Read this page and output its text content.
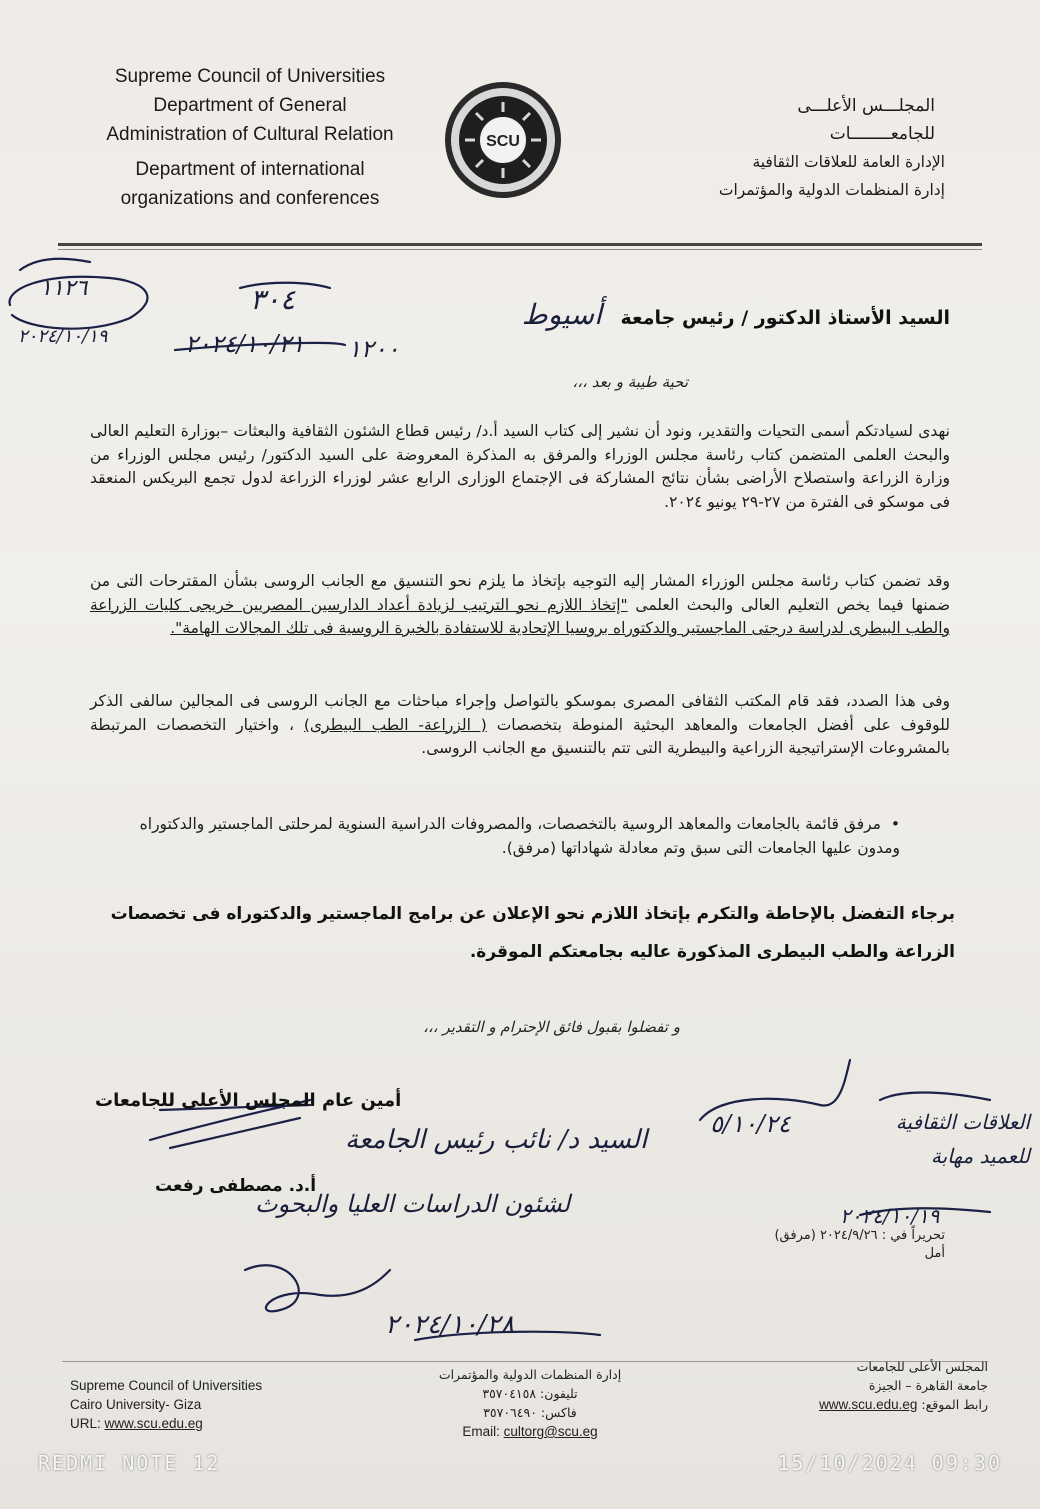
Supreme Council of Universities
Department of General
Administration of Cultural Relation
Department of international
organizations and conferences
SCU
SUPREME COUNCIL OF UNIVERSITIES
المجلـــس الأعلـــى
للجامعــــــــات
الإدارة العامة للعلاقات الثقافية
إدارة المنظمات الدولية والمؤتمرات
١١٢٦
٢٠٢٤/١٠/١٩
٣٠٤
٢٠٢٤/١٠/٢١ ١٢٠٠
السيد الأستاذ الدكتور / رئيس جامعة أسيوط
تحية طيبة و بعد ،،،
نهدى لسيادتكم أسمى التحيات والتقدير، ونود أن نشير إلى كتاب السيد أ.د/ رئيس قطاع الشئون الثقافية والبعثات –بوزارة التعليم العالى والبحث العلمى المتضمن كتاب رئاسة مجلس الوزراء والمرفق به المذكرة المعروضة على السيد الدكتور/ رئيس مجلس الوزراء من وزارة الزراعة واستصلاح الأراضى بشأن نتائج المشاركة فى الإجتماع الوزارى الرابع عشر لوزراء الزراعة لدول تجمع البريكس المنعقد فى موسكو فى الفترة من ٢٧-٢٩ يونيو ٢٠٢٤.
وقد تضمن كتاب رئاسة مجلس الوزراء المشار إليه التوجيه بإتخاذ ما يلزم نحو التنسيق مع الجانب الروسى بشأن المقترحات التى من ضمنها فيما يخص التعليم العالى والبحث العلمى "إتخاذ اللازم نحو الترتيب لزيادة أعداد الدارسين المصريين خريجى كليات الزراعة والطب البيطرى لدراسة درجتى الماجستير والدكتوراه بروسيا الإتحادية للاستفادة بالخبرة الروسية فى تلك المجالات الهامة".
وفى هذا الصدد، فقد قام المكتب الثقافى المصرى بموسكو بالتواصل وإجراء مباحثات مع الجانب الروسى فى المجالين سالفى الذكر للوقوف على أفضل الجامعات والمعاهد البحثية المنوطة بتخصصات ( الزراعة- الطب البيطرى) ، واختيار التخصصات المرتبطة بالمشروعات الإستراتيجية الزراعية والبيطرية التى تتم بالتنسيق مع الجانب الروسى.
•  مرفق قائمة بالجامعات والمعاهد الروسية بالتخصصات، والمصروفات الدراسية السنوية لمرحلتى الماجستير والدكتوراه ومدون عليها الجامعات التى سبق وتم معادلة شهاداتها (مرفق).
برجاء التفضل بالإحاطة والتكرم بإتخاذ اللازم نحو الإعلان عن برامج الماجستير والدكتوراه فى تخصصات الزراعة والطب البيطرى المذكورة عاليه بجامعتكم الموقرة.
و تفضلوا بقبول فائق الإحترام و التقدير ،،،
أمين عام المجلس الأعلى للجامعات
أ.د. مصطفى رفعت
السيد د/ نائب رئيس الجامعة
لشئون الدراسات العليا والبحوث
٥/١٠/٢٤	العلاقات الثقافية للعميد مهابة
٢٠٢٤/١٠/١٩
٢٠٢٤/١٠/٢٨
تحريراً في : ٢٠٢٤/٩/٢٦ (مرفق)
أمل
Supreme Council of Universities
Cairo University- Giza
URL: www.scu.edu.eg
إدارة المنظمات الدولية والمؤتمرات
تليفون: ٣٥٧٠٤١٥٨
فاكس: ٣٥٧٠٦٤٩٠
Email: cultorg@scu.eg
المجلس الأعلى للجامعات
جامعة القاهرة – الجيزة
رابط الموقع: www.scu.edu.eg
REDMI NOTE 12	15/10/2024 09:30
